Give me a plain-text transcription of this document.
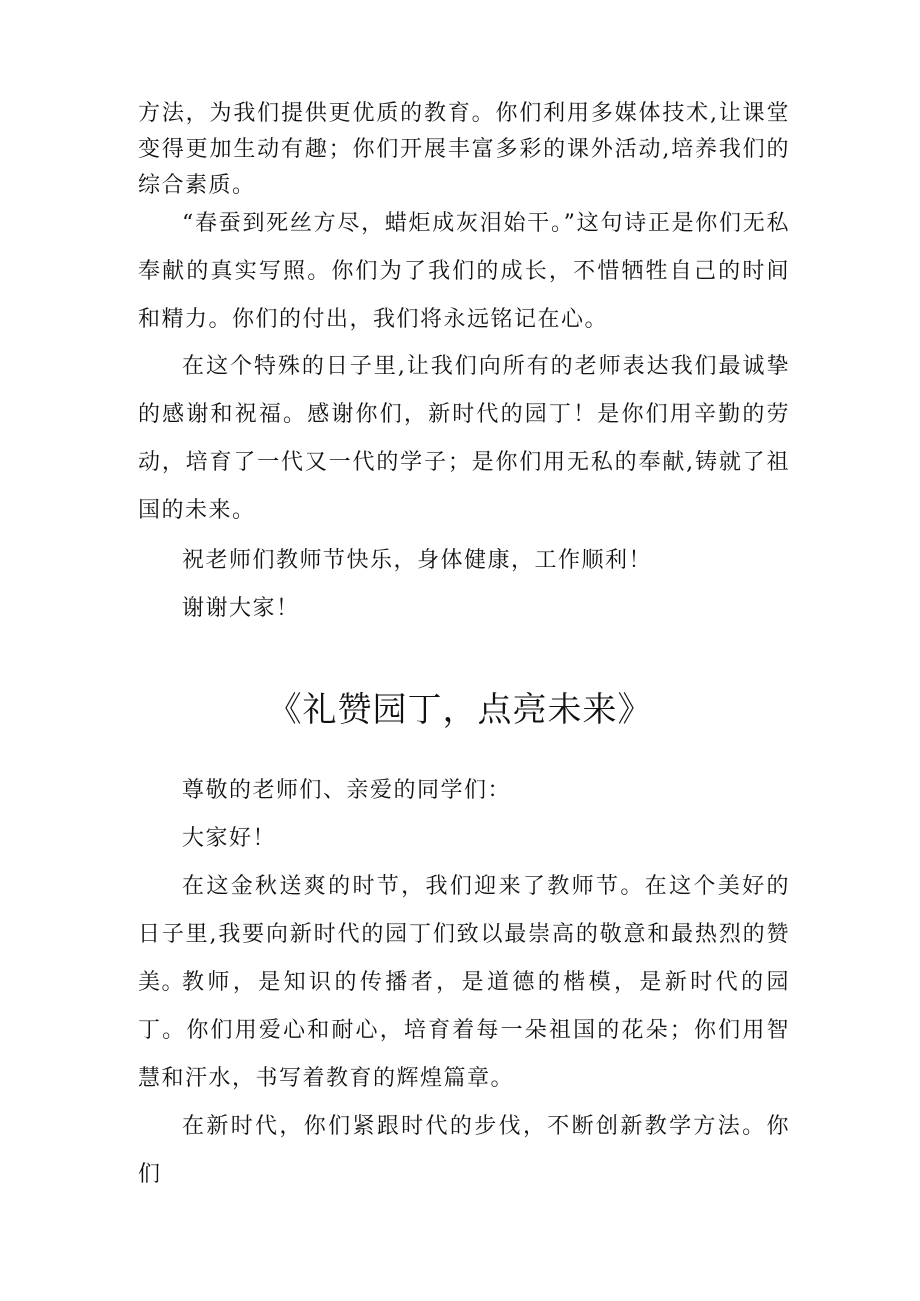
方法，为我们提供更优质的教育。你们利用多媒体技术,让课堂变得更加生动有趣；你们开展丰富多彩的课外活动,培养我们的综合素质。

“春蚕到死丝方尽，蜡炬成灰泪始干。”这句诗正是你们无私奉献的真实写照。你们为了我们的成长，不惜牺牲自己的时间和精力。你们的付出，我们将永远铭记在心。

在这个特殊的日子里,让我们向所有的老师表达我们最诚挚的感谢和祝福。感谢你们，新时代的园丁！是你们用辛勤的劳动，培育了一代又一代的学子；是你们用无私的奉献,铸就了祖国的未来。

祝老师们教师节快乐，身体健康，工作顺利！

谢谢大家！

《礼赞园丁，点亮未来》

尊敬的老师们、亲爱的同学们：

大家好！

在这金秋送爽的时节，我们迎来了教师节。在这个美好的日子里,我要向新时代的园丁们致以最崇高的敬意和最热烈的赞美。

教师，是知识的传播者，是道德的楷模，是新时代的园丁。你们用爱心和耐心，培育着每一朵祖国的花朵；你们用智慧和汗水，书写着教育的辉煌篇章。

在新时代，你们紧跟时代的步伐，不断创新教学方法。你们
